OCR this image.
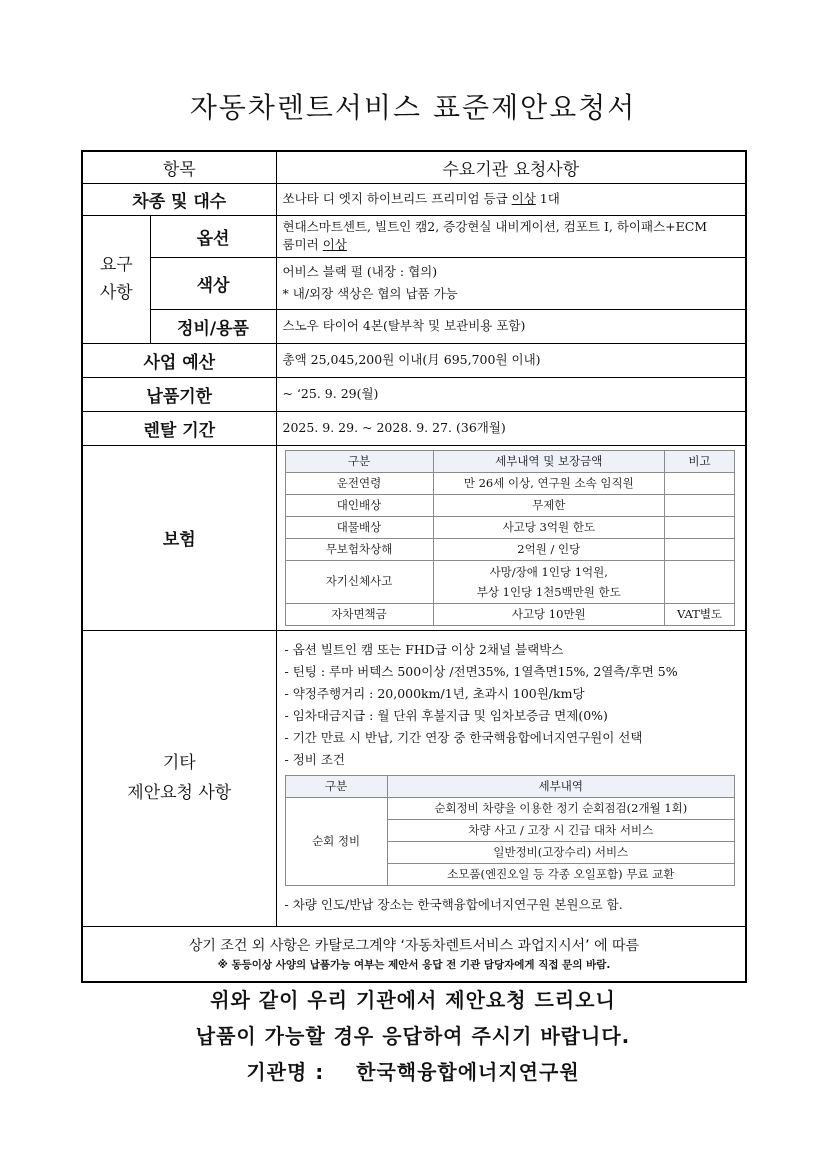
자동차렌트서비스 표준제안요청서
항목	수요기관 요청사항
차종 및 대수	쏘나타 디 엣지 하이브리드 프리미엄 등급 이상 1대
요구 사항	옵션	
현대스마트센트, 빌트인 캠2, 증강현실 내비게이션, 컴포트 I, 하이패스+ECM
룸미러 이상

색상	
어비스 블랙 펄 (내장 : 협의)
* 내/외장 색상은 협의 납품 가능

정비/용품	스노우 타이어 4본(탈부착 및 보관비용 포함)
사업 예산	총액 25,045,200원 이내(月 695,700원 이내)
납품기한	~ ‘25. 9. 29(월)
렌탈 기간	2025. 9. 29. ~ 2028. 9. 27. (36개월)
보험	
구분	세부내역 및 보장금액	비고
운전연령	만 26세 이상, 연구원 소속 임직원	
대인배상	무제한	
대물배상	사고당 3억원 한도	
무보험차상해	2억원 / 인당	
자기신체사고	사망/장애 1인당 1억원,
부상 1인당 1천5백만원 한도	
자차면책금	사고당 10만원	VAT별도

기타
제안요청 사항

- 옵션 빌트인 캠 또는 FHD급 이상 2채널 블랙박스
- 틴팅 : 루마 버텍스 500이상 /전면35%, 1열측면15%, 2열측/후면 5%
- 약정주행거리 : 20,000km/1년, 초과시 100원/km당
- 임차대금지급 : 월 단위 후불지급 및 임차보증금 면제(0%)
- 기간 만료 시 반납, 기간 연장 중 한국핵융합에너지연구원이 선택
- 정비 조건
구분	세부내역
순회 정비	순회정비 차량을 이용한 정기 순회점검(2개월 1회)
차량 사고 / 고장 시 긴급 대차 서비스
일반정비(고장수리) 서비스
소모품(엔진오일 등 각종 오일포함) 무료 교환
- 차량 인도/반납 장소는 한국핵융합에너지연구원 본원으로 함.

상기 조건 외 사항은 카탈로그계약 ‘자동차렌트서비스 과업지시서’ 에 따름
※ 동등이상 사양의 납품가능 여부는 제안서 응답 전 기관 담당자에게 직접 문의 바람.
위와 같이 우리 기관에서 제안요청 드리오니
납품이 가능할 경우 응답하여 주시기 바랍니다.
기관명 : 한국핵융합에너지연구원
